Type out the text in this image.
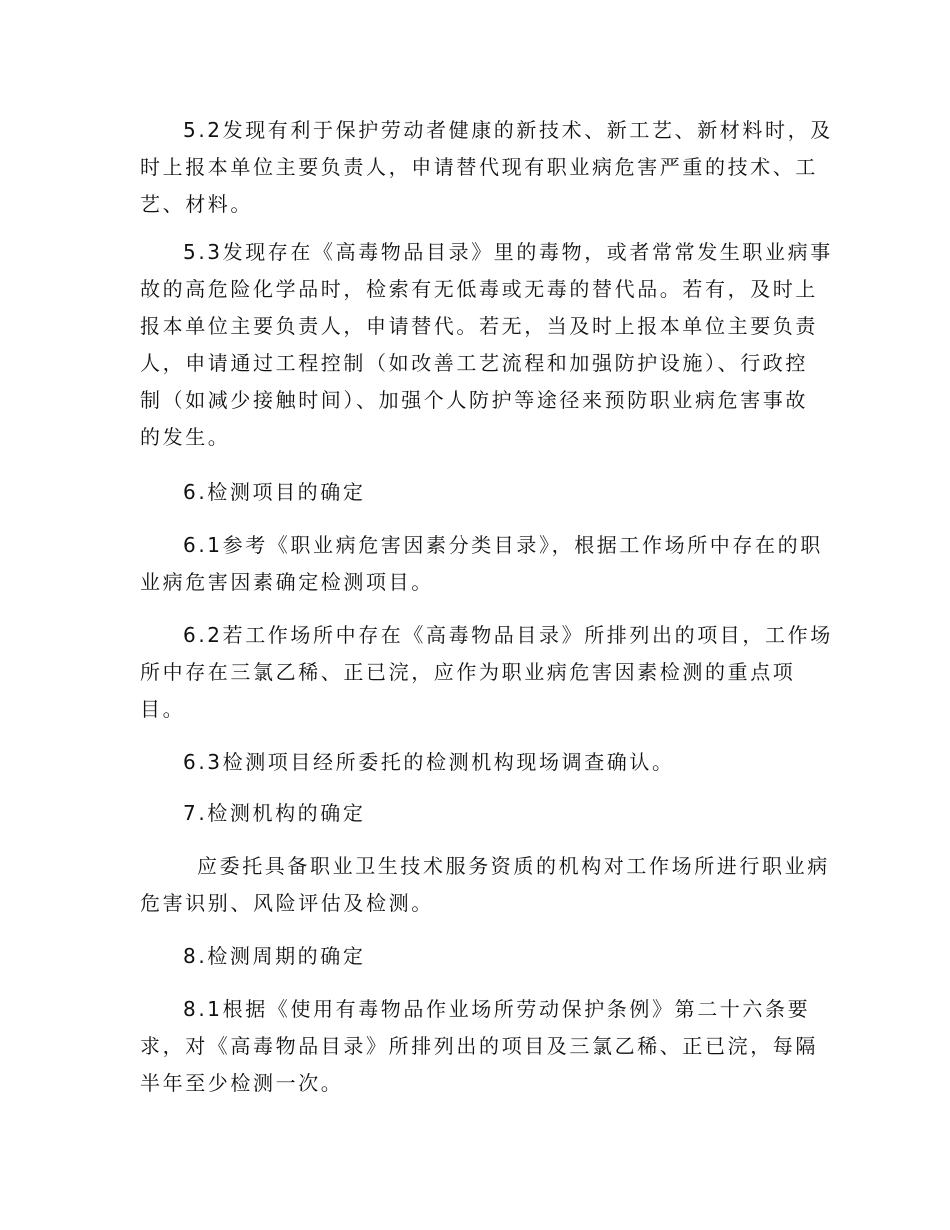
5.2发现有利于保护劳动者健康的新技术、新工艺、新材料时，及
时上报本单位主要负责人，申请替代现有职业病危害严重的技术、工
艺、材料。
5.3发现存在《高毒物品目录》里的毒物，或者常常发生职业病事
故的高危险化学品时，检索有无低毒或无毒的替代品。若有，及时上
报本单位主要负责人，申请替代。若无，当及时上报本单位主要负责
人，申请通过工程控制（如改善工艺流程和加强防护设施）、行政控
制（如减少接触时间）、加强个人防护等途径来预防职业病危害事故
的发生。
6.检测项目的确定
6.1参考《职业病危害因素分类目录》，根据工作场所中存在的职
业病危害因素确定检测项目。
6.2若工作场所中存在《高毒物品目录》所排列出的项目，工作场
所中存在三氯乙稀、正已浣，应作为职业病危害因素检测的重点项
目。
6.3检测项目经所委托的检测机构现场调查确认。
7.检测机构的确定
应委托具备职业卫生技术服务资质的机构对工作场所进行职业病
危害识别、风险评估及检测。
8.检测周期的确定
8.1根据《使用有毒物品作业场所劳动保护条例》第二十六条要
求，对《高毒物品目录》所排列出的项目及三氯乙稀、正已浣，每隔
半年至少检测一次。
